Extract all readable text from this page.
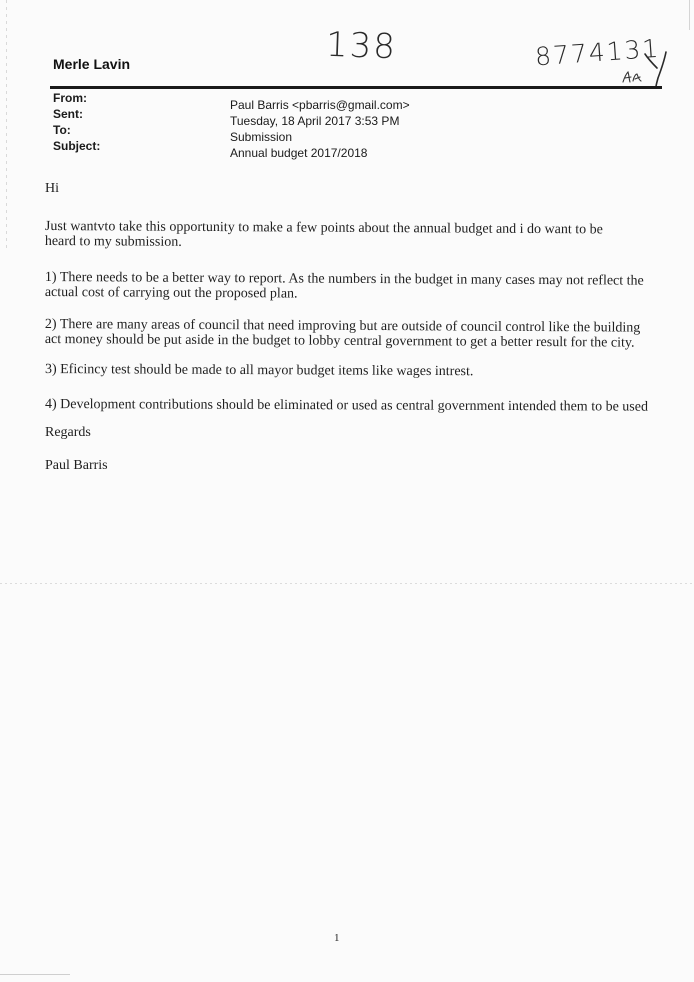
138	8774131
Merle Lavin
From:	Paul Barris <pbarris@gmail.com>
Sent:	Tuesday, 18 April 2017 3:53 PM
To:	Submission
Subject:	Annual budget 2017/2018
Hi
Just wantvto take this opportunity to make a few points about the annual budget and i do want to be
heard to my submission.
1) There needs to be a better way to report. As the numbers in the budget in many cases may not reflect the
actual cost of carrying out the proposed plan.
2) There are many areas of council that need improving but are outside of council control like the building
act money should be put aside in the budget to lobby central government to get a better result for the city.
3) Eficincy test should be made to all mayor budget items like wages intrest.
4) Development contributions should be eliminated or used as central government intended them to be used
Regards
Paul Barris
1
